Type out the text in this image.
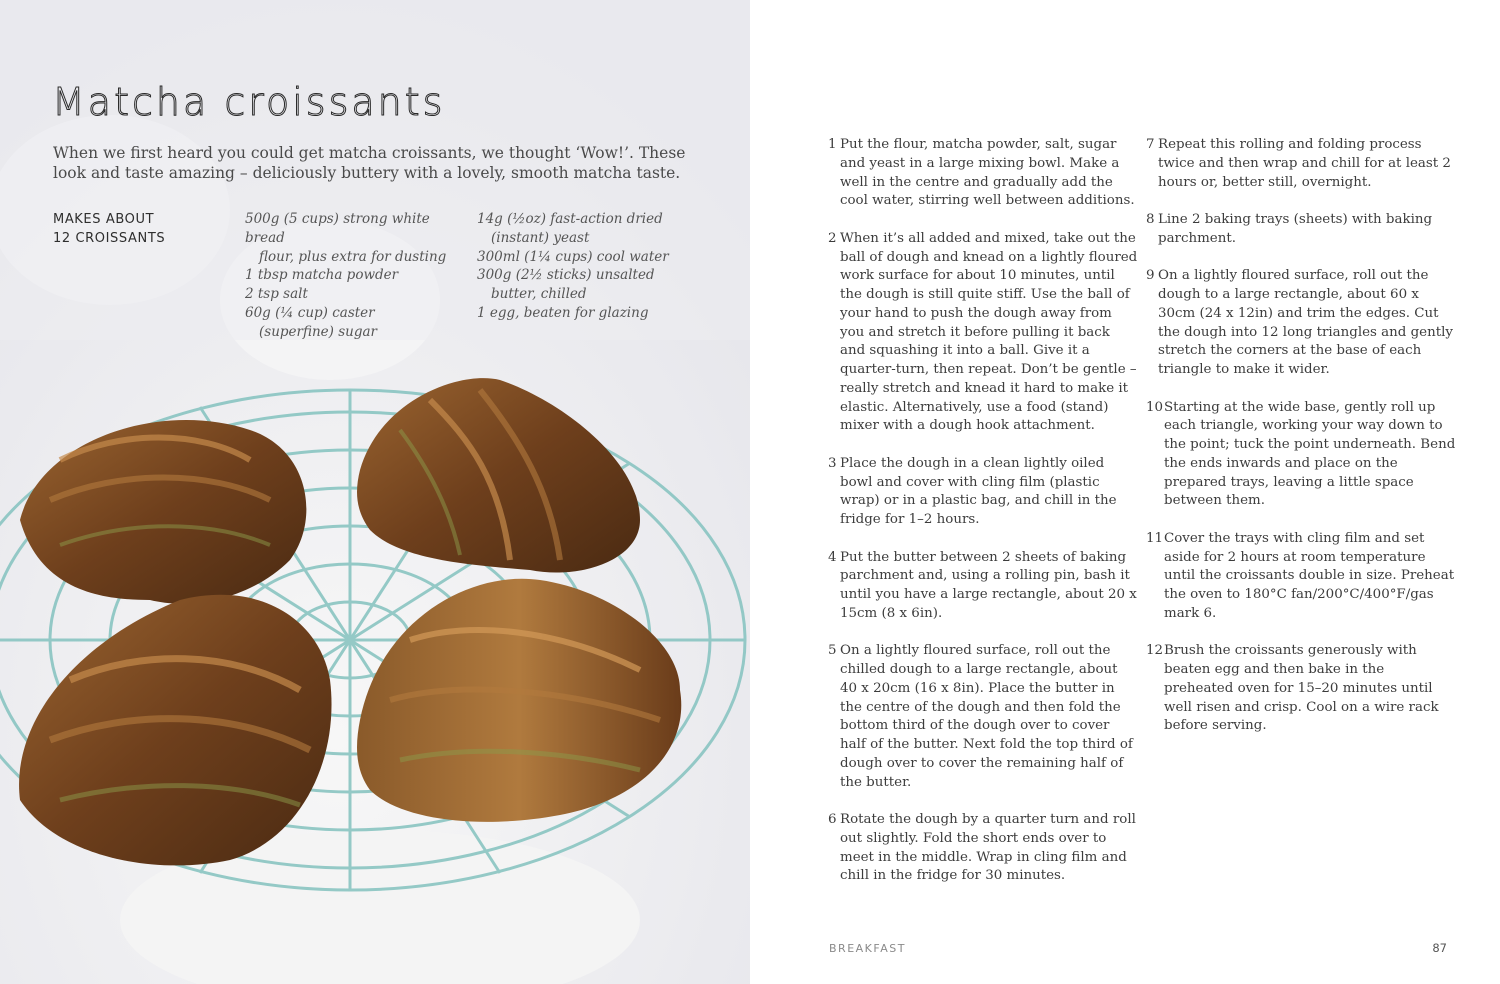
Matcha croissants
When we first heard you could get matcha croissants, we thought ‘Wow!’. These look and taste amazing – deliciously buttery with a lovely, smooth matcha taste.
MAKES ABOUT
12 CROISSANTS
500g (5 cups) strong white bread
flour, plus extra for dusting
1 tbsp matcha powder
2 tsp salt
60g (¼ cup) caster
(superfine) sugar
14g (½oz) fast-action dried
(instant) yeast
300ml (1¼ cups) cool water
300g (2½ sticks) unsalted
butter, chilled
1 egg, beaten for glazing
1 Put the flour, matcha powder, salt, sugar and yeast in a large mixing bowl. Make a well in the centre and gradually add the cool water, stirring well between additions.
2 When it’s all added and mixed, take out the ball of dough and knead on a lightly floured work surface for about 10 minutes, until the dough is still quite stiff. Use the ball of your hand to push the dough away from you and stretch it before pulling it back and squashing it into a ball. Give it a quarter-turn, then repeat. Don’t be gentle – really stretch and knead it hard to make it elastic. Alternatively, use a food (stand) mixer with a dough hook attachment.
3 Place the dough in a clean lightly oiled bowl and cover with cling film (plastic wrap) or in a plastic bag, and chill in the fridge for 1–2 hours.
4 Put the butter between 2 sheets of baking parchment and, using a rolling pin, bash it until you have a large rectangle, about 20 x 15cm (8 x 6in).
5 On a lightly floured surface, roll out the chilled dough to a large rectangle, about 40 x 20cm (16 x 8in). Place the butter in the centre of the dough and then fold the bottom third of the dough over to cover half of the butter. Next fold the top third of dough over to cover the remaining half of the butter.
6 Rotate the dough by a quarter turn and roll out slightly. Fold the short ends over to meet in the middle. Wrap in cling film and chill in the fridge for 30 minutes.
7 Repeat this rolling and folding process twice and then wrap and chill for at least 2 hours or, better still, overnight.
8 Line 2 baking trays (sheets) with baking parchment.
9 On a lightly floured surface, roll out the dough to a large rectangle, about 60 x 30cm (24 x 12in) and trim the edges. Cut the dough into 12 long triangles and gently stretch the corners at the base of each triangle to make it wider.
10 Starting at the wide base, gently roll up each triangle, working your way down to the point; tuck the point underneath. Bend the ends inwards and place on the prepared trays, leaving a little space between them.
11 Cover the trays with cling film and set aside for 2 hours at room temperature until the croissants double in size. Preheat the oven to 180°C fan/200°C/400°F/gas mark 6.
12 Brush the croissants generously with beaten egg and then bake in the preheated oven for 15–20 minutes until well risen and crisp. Cool on a wire rack before serving.
BREAKFAST	87
